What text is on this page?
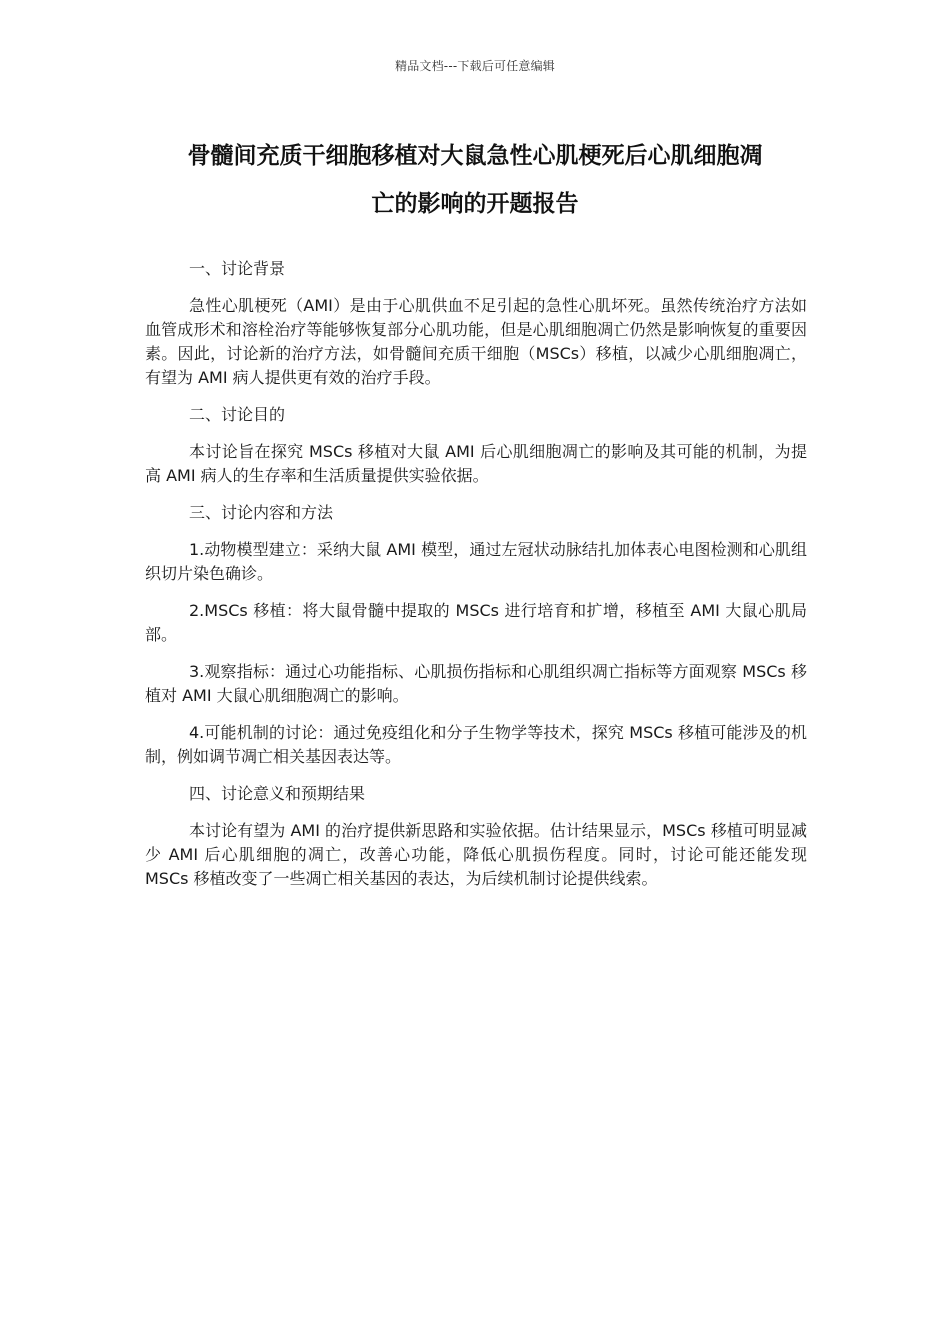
精品文档---下载后可任意编辑
骨髓间充质干细胞移植对大鼠急性心肌梗死后心肌细胞凋
亡的影响的开题报告
一、讨论背景
急性心肌梗死（AMI）是由于心肌供血不足引起的急性心肌坏死。虽然传统治疗方法如血管成形术和溶栓治疗等能够恢复部分心肌功能，但是心肌细胞凋亡仍然是影响恢复的重要因素。因此，讨论新的治疗方法，如骨髓间充质干细胞（MSCs）移植，以减少心肌细胞凋亡，有望为 AMI 病人提供更有效的治疗手段。
二、讨论目的
本讨论旨在探究 MSCs 移植对大鼠 AMI 后心肌细胞凋亡的影响及其可能的机制，为提高 AMI 病人的生存率和生活质量提供实验依据。
三、讨论内容和方法
1.动物模型建立：采纳大鼠 AMI 模型，通过左冠状动脉结扎加体表心电图检测和心肌组织切片染色确诊。
2.MSCs 移植：将大鼠骨髓中提取的 MSCs 进行培育和扩增，移植至 AMI 大鼠心肌局部。
3.观察指标：通过心功能指标、心肌损伤指标和心肌组织凋亡指标等方面观察 MSCs 移植对 AMI 大鼠心肌细胞凋亡的影响。
4.可能机制的讨论：通过免疫组化和分子生物学等技术，探究 MSCs 移植可能涉及的机制，例如调节凋亡相关基因表达等。
四、讨论意义和预期结果
本讨论有望为 AMI 的治疗提供新思路和实验依据。估计结果显示，MSCs 移植可明显减少 AMI 后心肌细胞的凋亡，改善心功能，降低心肌损伤程度。同时，讨论可能还能发现 MSCs 移植改变了一些凋亡相关基因的表达，为后续机制讨论提供线索。
